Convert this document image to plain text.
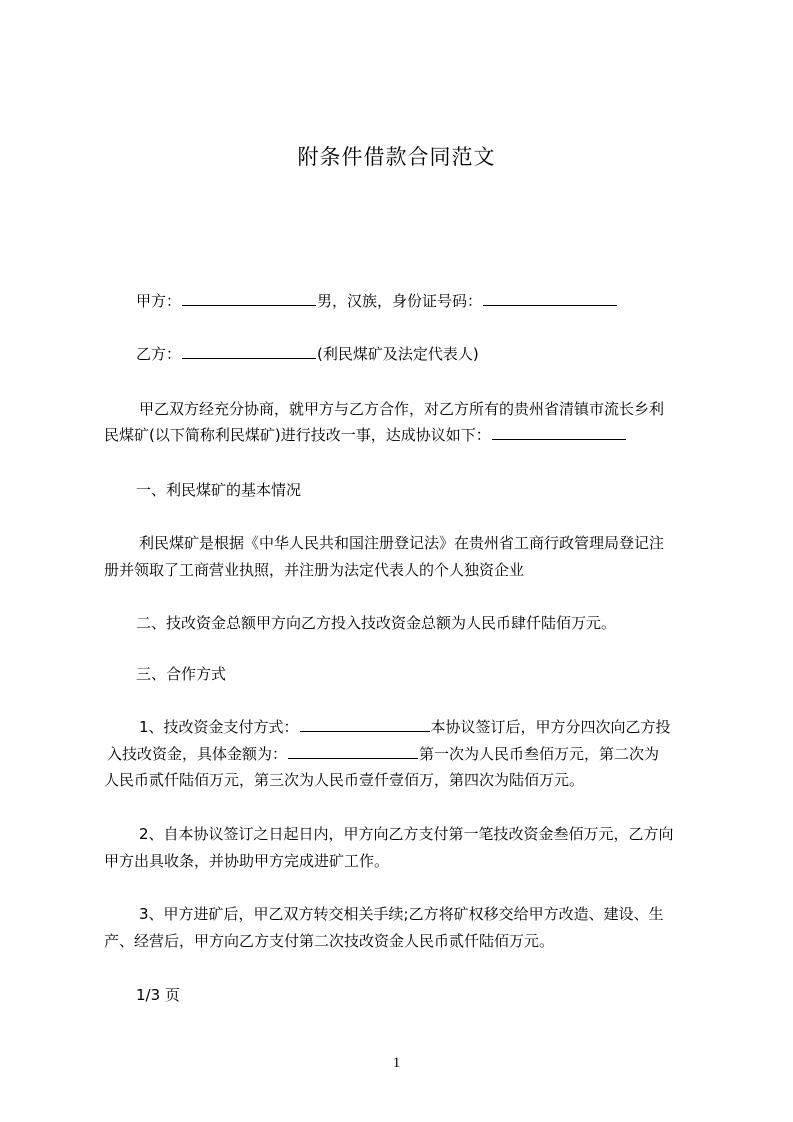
附条件借款合同范文
甲方：	男，汉族，身份证号码：
乙方：	(利民煤矿及法定代表人)
甲乙双方经充分协商，就甲方与乙方合作，对乙方所有的贵州省清镇市流长乡利
民煤矿(以下简称利民煤矿)进行技改一事，达成协议如下：
一、利民煤矿的基本情况
利民煤矿是根据《中华人民共和国注册登记法》在贵州省工商行政管理局登记注
册并领取了工商营业执照，并注册为法定代表人的个人独资企业
二、技改资金总额甲方向乙方投入技改资金总额为人民币肆仟陆佰万元。
三、合作方式
1、技改资金支付方式：	本协议签订后，甲方分四次向乙方投
入技改资金，具体金额为：	第一次为人民币叁佰万元，第二次为
人民币贰仟陆佰万元，第三次为人民币壹仟壹佰万，第四次为陆佰万元。
2、自本协议签订之日起日内，甲方向乙方支付第一笔技改资金叁佰万元，乙方向
甲方出具收条，并协助甲方完成进矿工作。
3、甲方进矿后，甲乙双方转交相关手续;乙方将矿权移交给甲方改造、建设、生
产、经营后，甲方向乙方支付第二次技改资金人民币贰仟陆佰万元。
1/3 页
1
